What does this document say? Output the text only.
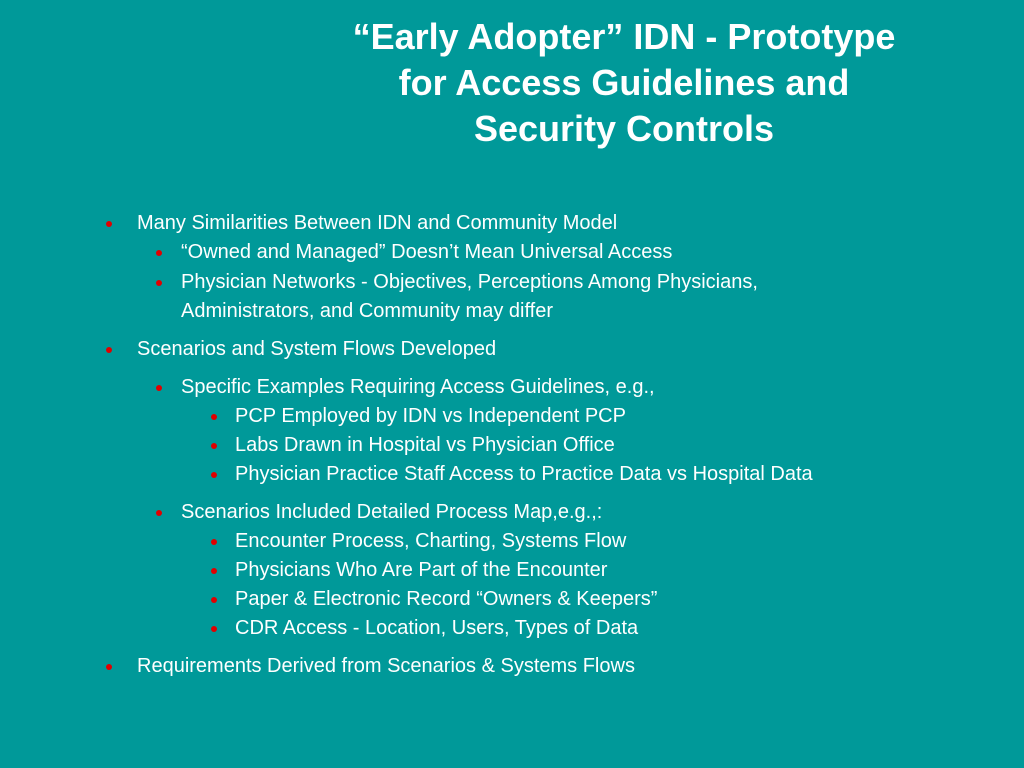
“Early Adopter” IDN - Prototype
for Access Guidelines and
Security Controls
Many Similarities Between IDN and Community Model
“Owned and Managed” Doesn’t Mean Universal Access
Physician Networks - Objectives, Perceptions Among Physicians,
Administrators, and Community may differ
Scenarios and System Flows Developed
Specific Examples Requiring Access Guidelines, e.g.,
PCP Employed by IDN vs Independent PCP
Labs Drawn in Hospital vs Physician Office
Physician Practice Staff Access to Practice Data vs Hospital Data
Scenarios Included Detailed Process Map,e.g.,:
Encounter Process, Charting, Systems Flow
Physicians Who Are Part of the Encounter
Paper & Electronic Record “Owners & Keepers”
CDR Access - Location, Users, Types of Data
Requirements Derived from Scenarios & Systems Flows
